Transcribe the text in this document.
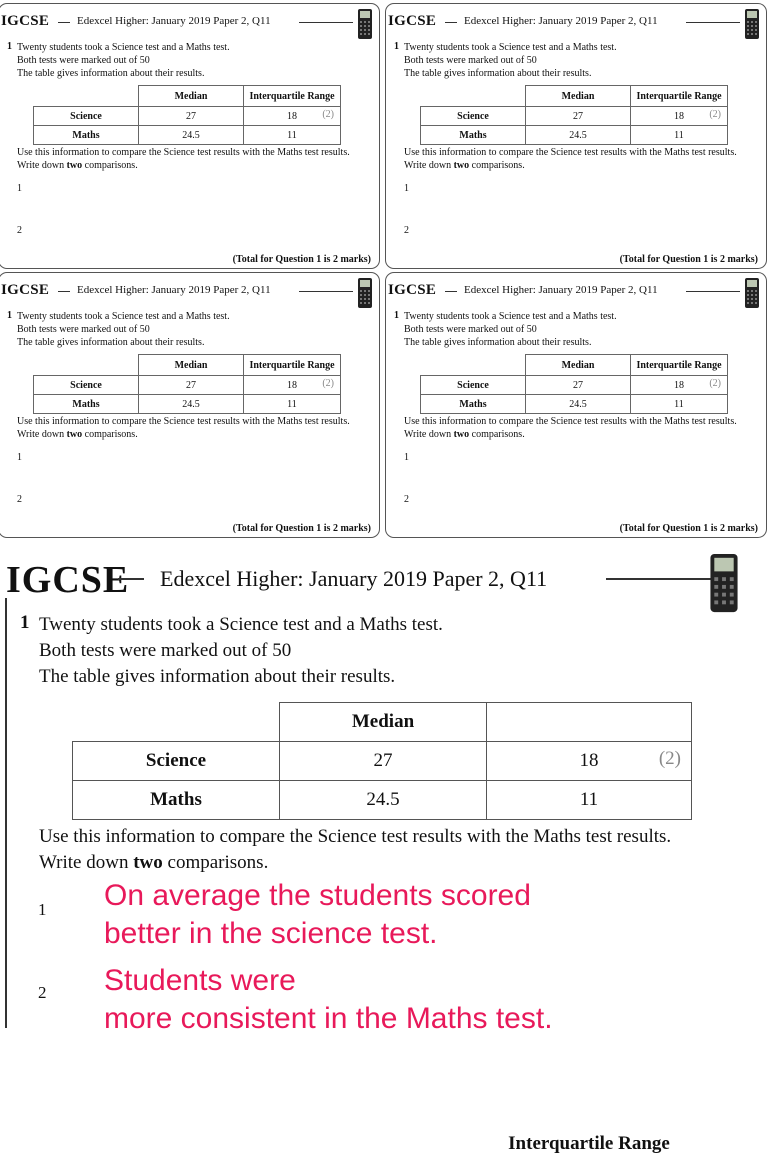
IGCSE	Edexcel Higher: January 2019 Paper 2, Q11
1 Twenty students took a Science test and a Maths test.
Both tests were marked out of 50
The table gives information about their results.
	Median	Interquartile Range
Science	27	18 (2)

Maths	24.5	11
Use this information to compare the Science test results with the Maths test results.
Write down two comparisons.
1
2
(Total for Question 1 is 2 marks)
IGCSE	Edexcel Higher: January 2019 Paper 2, Q11
1 Twenty students took a Science test and a Maths test.
Both tests were marked out of 50
The table gives information about their results.
	Median	Interquartile Range
Science	27	18 (2)

Maths	24.5	11
Use this information to compare the Science test results with the Maths test results.
Write down two comparisons.
1
2
(Total for Question 1 is 2 marks)
IGCSE	Edexcel Higher: January 2019 Paper 2, Q11
1 Twenty students took a Science test and a Maths test.
Both tests were marked out of 50
The table gives information about their results.
	Median	Interquartile Range
Science	27	18 (2)

Maths	24.5	11
Use this information to compare the Science test results with the Maths test results.
Write down two comparisons.
1
2
(Total for Question 1 is 2 marks)
IGCSE	Edexcel Higher: January 2019 Paper 2, Q11
1 Twenty students took a Science test and a Maths test.
Both tests were marked out of 50
The table gives information about their results.
	Median	Interquartile Range
Science	27	18 (2)

Maths	24.5	11
Use this information to compare the Science test results with the Maths test results.
Write down two comparisons.
1
2
(Total for Question 1 is 2 marks)
IGCSE Edexcel Higher: January 2019 Paper 2, Q11
1 Twenty students took a Science test and a Maths test.
Both tests were marked out of 50
The table gives information about their results.
	Median	Interquartile Range
Science	27	18 (2)

Maths	24.5	11
Use this information to compare the Science test results with the Maths test results.
Write down two comparisons.
1 On average the students scored
better in the science test.
2 Students were
more consistent in the Maths test.
